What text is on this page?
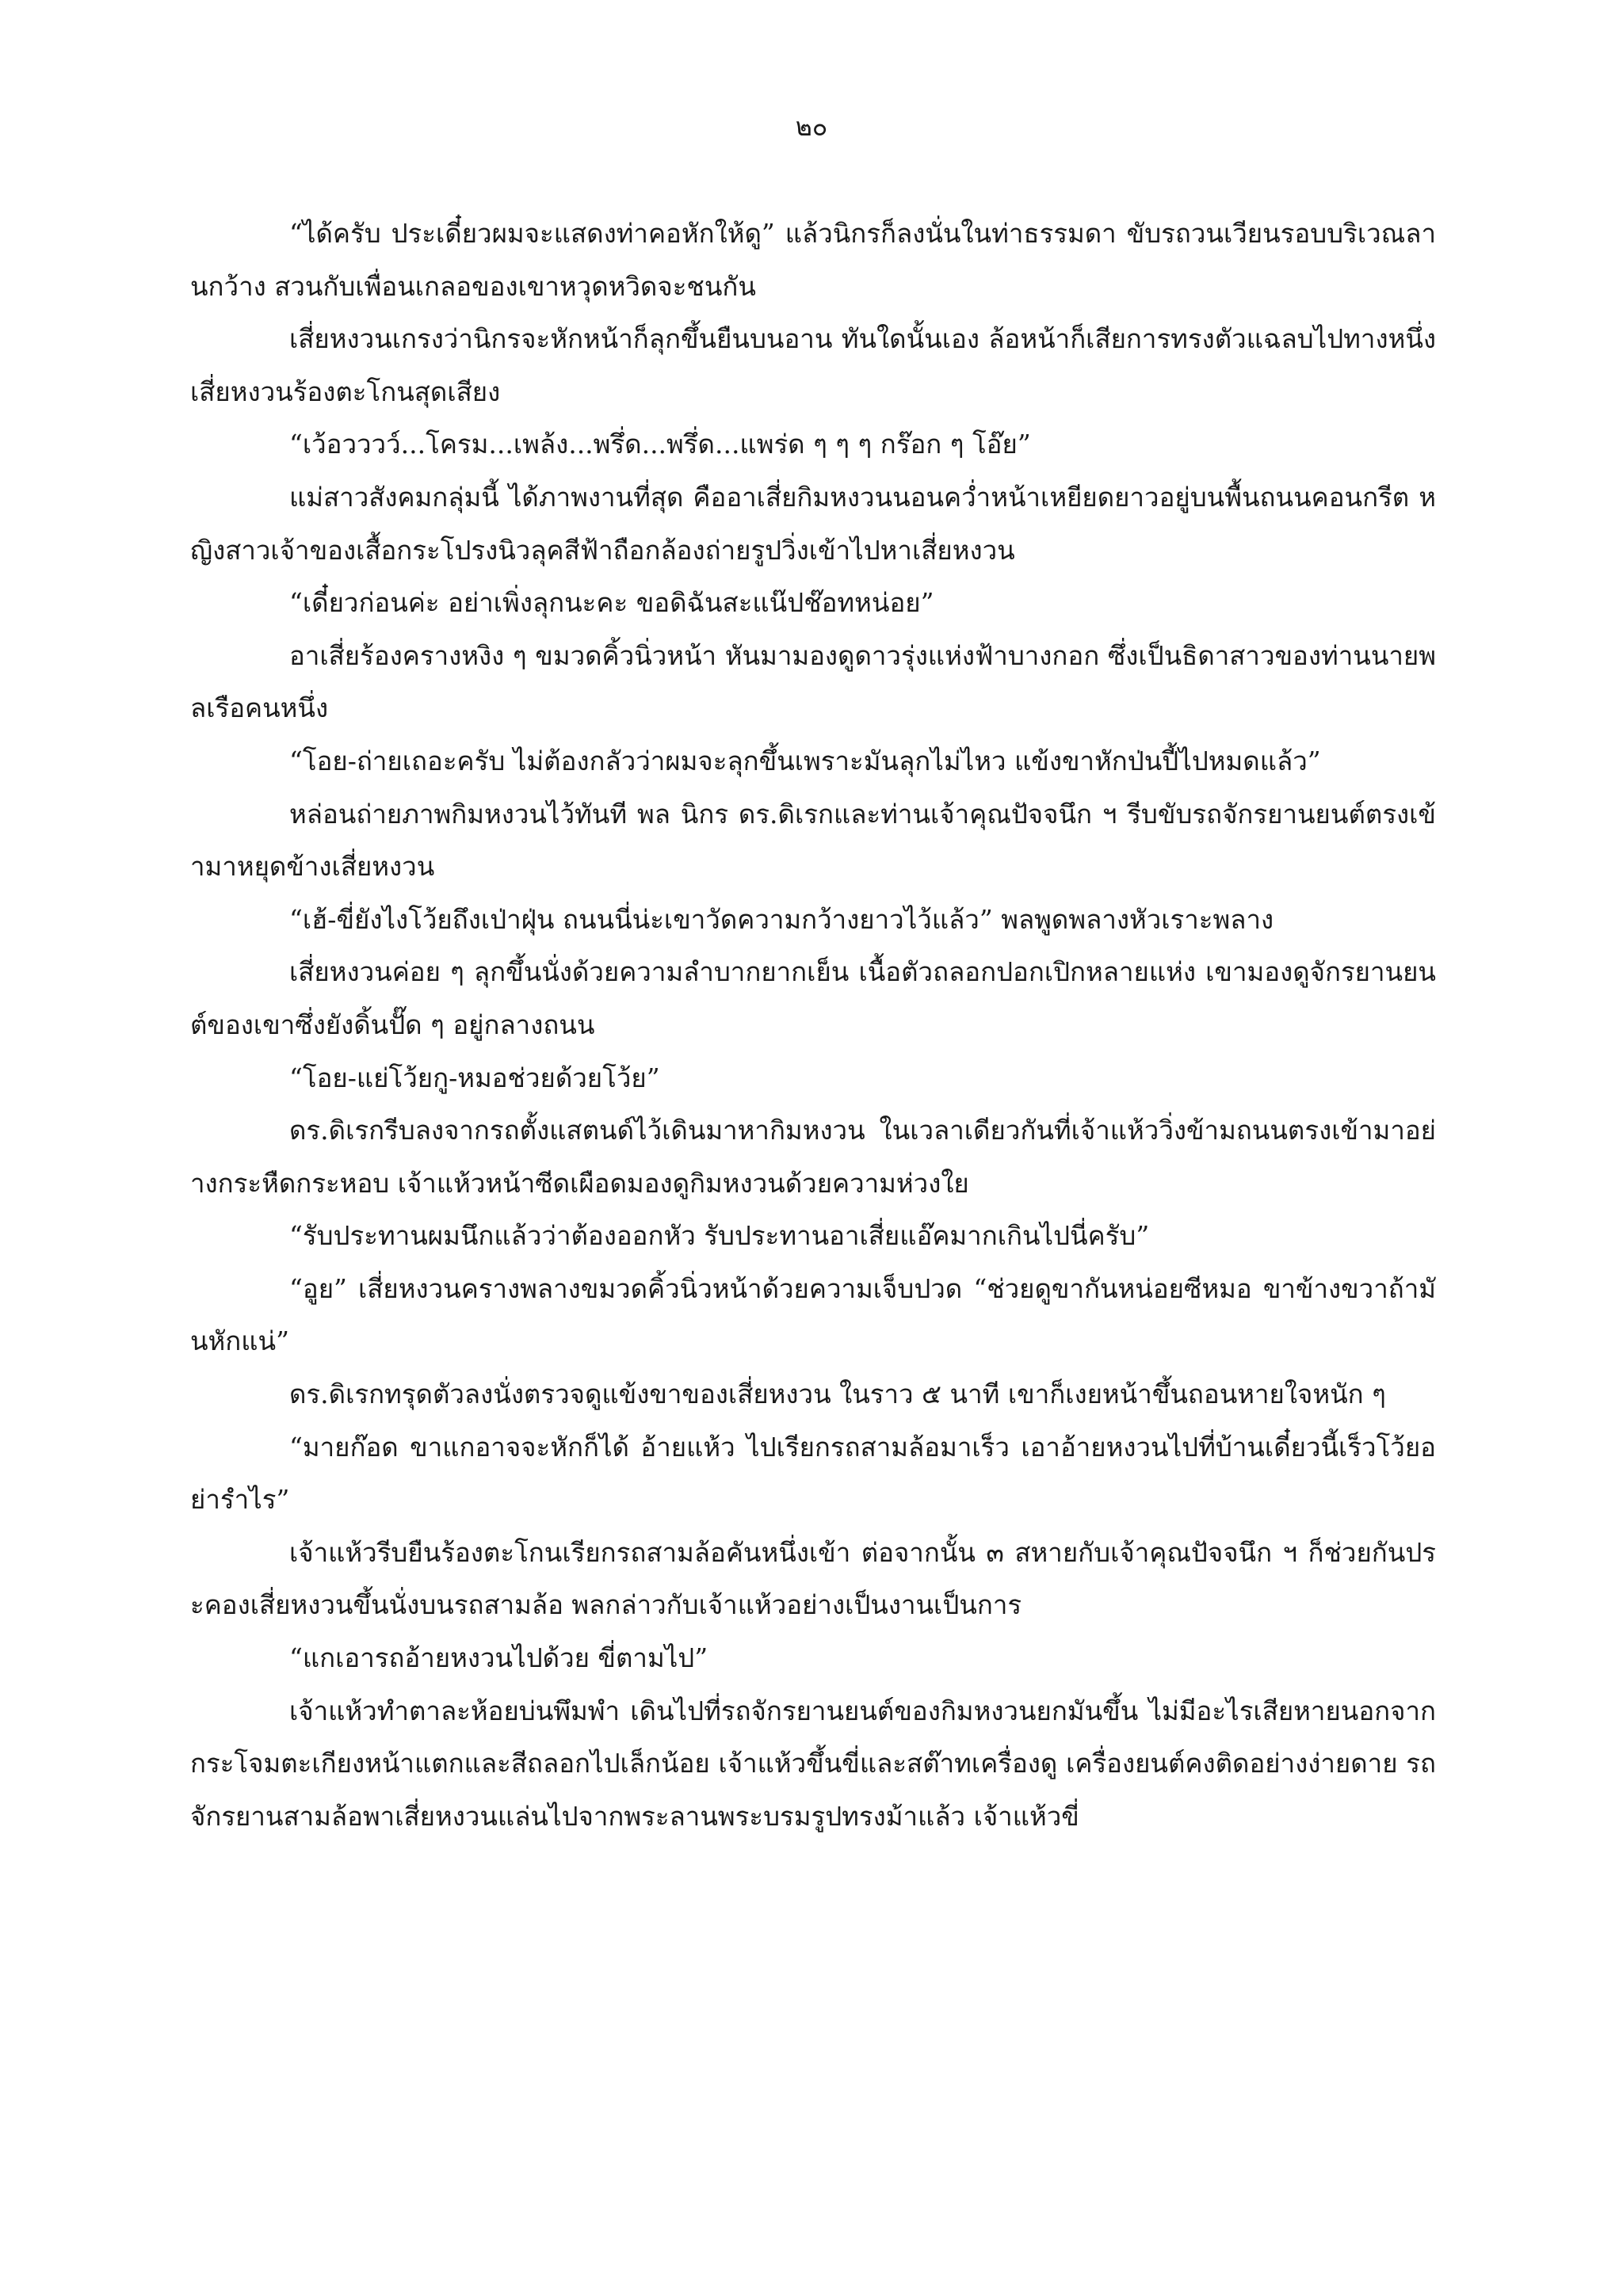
๒๐

“ได้ครับ ประเดี๋ยวผมจะแสดงท่าคอหักให้ดู” แล้วนิกรก็ลงนั่นในท่าธรรมดา ขับรถวนเวียนรอบบริเวณลานกว้าง สวนกับเพื่อนเกลอของเขาหวุดหวิดจะชนกัน

เสี่ยหงวนเกรงว่านิกรจะหักหน้าก็ลุกขึ้นยืนบนอาน ทันใดนั้นเอง ล้อหน้าก็เสียการทรงตัวแฉลบไปทางหนึ่ง เสี่ยหงวนร้องตะโกนสุดเสียง

“เว้อวววว์...โครม...เพล้ง...พรึ่ด...พรึ่ด...แพร่ด ๆ ๆ ๆ กร๊อก ๆ โอ๊ย”

แม่สาวสังคมกลุ่มนี้ ได้ภาพงานที่สุด คืออาเสี่ยกิมหงวนนอนคว่ำหน้าเหยียดยาวอยู่บนพื้นถนนคอนกรีต หญิงสาวเจ้าของเสื้อกระโปรงนิวลุคสีฟ้าถือกล้องถ่ายรูปวิ่งเข้าไปหาเสี่ยหงวน

“เดี๋ยวก่อนค่ะ อย่าเพิ่งลุกนะคะ ขอดิฉันสะแน๊ปช๊อทหน่อย”

อาเสี่ยร้องครางหงิง ๆ ขมวดคิ้วนิ่วหน้า หันมามองดูดาวรุ่งแห่งฟ้าบางกอก ซึ่งเป็นธิดาสาวของท่านนายพลเรือคนหนึ่ง

“โอย-ถ่ายเถอะครับ ไม่ต้องกลัวว่าผมจะลุกขึ้นเพราะมันลุกไม่ไหว แข้งขาหักป่นปี้ไปหมดแล้ว”

หล่อนถ่ายภาพกิมหงวนไว้ทันที พล นิกร ดร.ดิเรกและท่านเจ้าคุณปัจจนึก ฯ รีบขับรถจักรยานยนต์ตรงเข้ามาหยุดข้างเสี่ยหงวน

“เฮ้-ขี่ยังไงโว้ยถึงเป่าฝุ่น ถนนนี่น่ะเขาวัดความกว้างยาวไว้แล้ว” พลพูดพลางหัวเราะพลาง

เสี่ยหงวนค่อย ๆ ลุกขึ้นนั่งด้วยความลำบากยากเย็น เนื้อตัวถลอกปอกเปิกหลายแห่ง เขามองดูจักรยานยนต์ของเขาซึ่งยังดิ้นปั๊ด ๆ อยู่กลางถนน

“โอย-แย่โว้ยกู-หมอช่วยด้วยโว้ย”

ดร.ดิเรกรีบลงจากรถตั้งแสตนด์ไว้เดินมาหากิมหงวน ในเวลาเดียวกันที่เจ้าแห้ววิ่งข้ามถนนตรงเข้ามาอย่างกระหืดกระหอบ เจ้าแห้วหน้าซีดเผือดมองดูกิมหงวนด้วยความห่วงใย

“รับประทานผมนึกแล้วว่าต้องออกหัว รับประทานอาเสี่ยแอ๊คมากเกินไปนี่ครับ”

“อูย” เสี่ยหงวนครางพลางขมวดคิ้วนิ่วหน้าด้วยความเจ็บปวด “ช่วยดูขากันหน่อยซีหมอ ขาข้างขวาถ้ามันหักแน่”

ดร.ดิเรกทรุดตัวลงนั่งตรวจดูแข้งขาของเสี่ยหงวน ในราว ๕ นาที เขาก็เงยหน้าขึ้นถอนหายใจหนัก ๆ

“มายก๊อด ขาแกอาจจะหักก็ได้ อ้ายแห้ว ไปเรียกรถสามล้อมาเร็ว เอาอ้ายหงวนไปที่บ้านเดี๋ยวนี้เร็วโว้ยอย่ารำไร”

เจ้าแห้วรีบยืนร้องตะโกนเรียกรถสามล้อคันหนึ่งเข้า ต่อจากนั้น ๓ สหายกับเจ้าคุณปัจจนึก ฯ ก็ช่วยกันประคองเสี่ยหงวนขึ้นนั่งบนรถสามล้อ พลกล่าวกับเจ้าแห้วอย่างเป็นงานเป็นการ

“แกเอารถอ้ายหงวนไปด้วย ขี่ตามไป”

เจ้าแห้วทำตาละห้อยบ่นพึมพำ เดินไปที่รถจักรยานยนต์ของกิมหงวนยกมันขึ้น ไม่มีอะไรเสียหายนอกจากกระโจมตะเกียงหน้าแตกและสีถลอกไปเล็กน้อย เจ้าแห้วขึ้นขี่และสต๊าทเครื่องดู เครื่องยนต์คงติดอย่างง่ายดาย รถจักรยานสามล้อพาเสี่ยหงวนแล่นไปจากพระลานพระบรมรูปทรงม้าแล้ว เจ้าแห้วขี่
